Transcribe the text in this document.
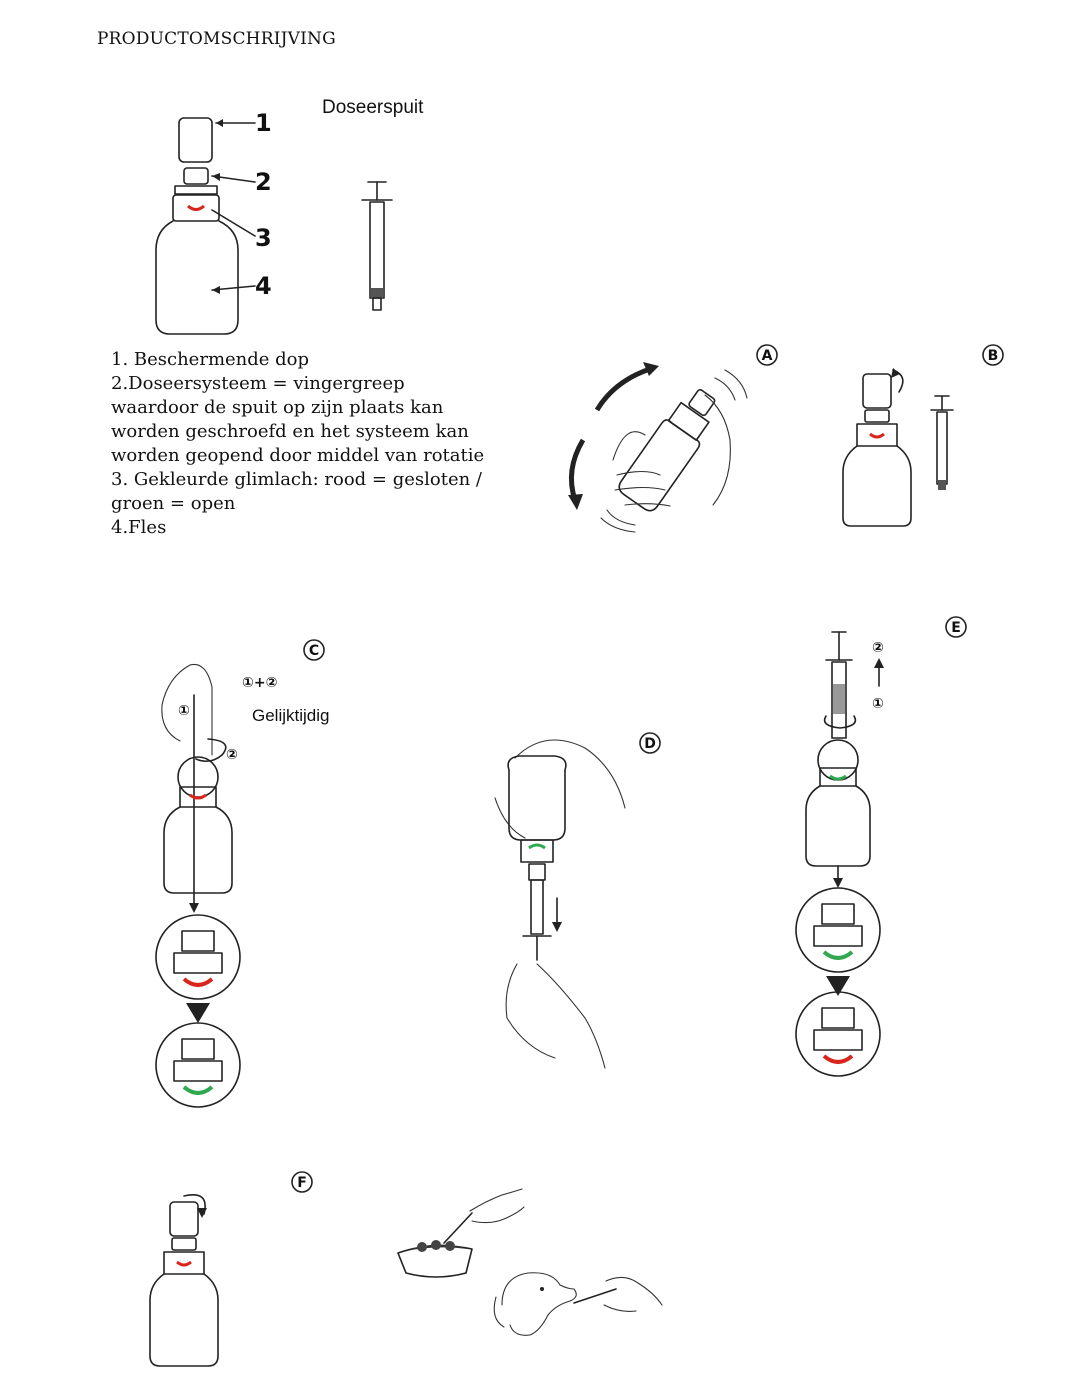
PRODUCTOMSCHRIJVING
Doseerspuit
1
2
3
4
1. Beschermende dop
2.Doseersysteem = vingergreep waardoor de spuit op zijn plaats kan worden geschroefd en het systeem kan worden geopend door middel van rotatie
3. Gekleurde glimlach: rood = gesloten / groen = open
4.Fles
A	B
C
①+②
①
②
Gelijktijdig
D
E
②
①
F
